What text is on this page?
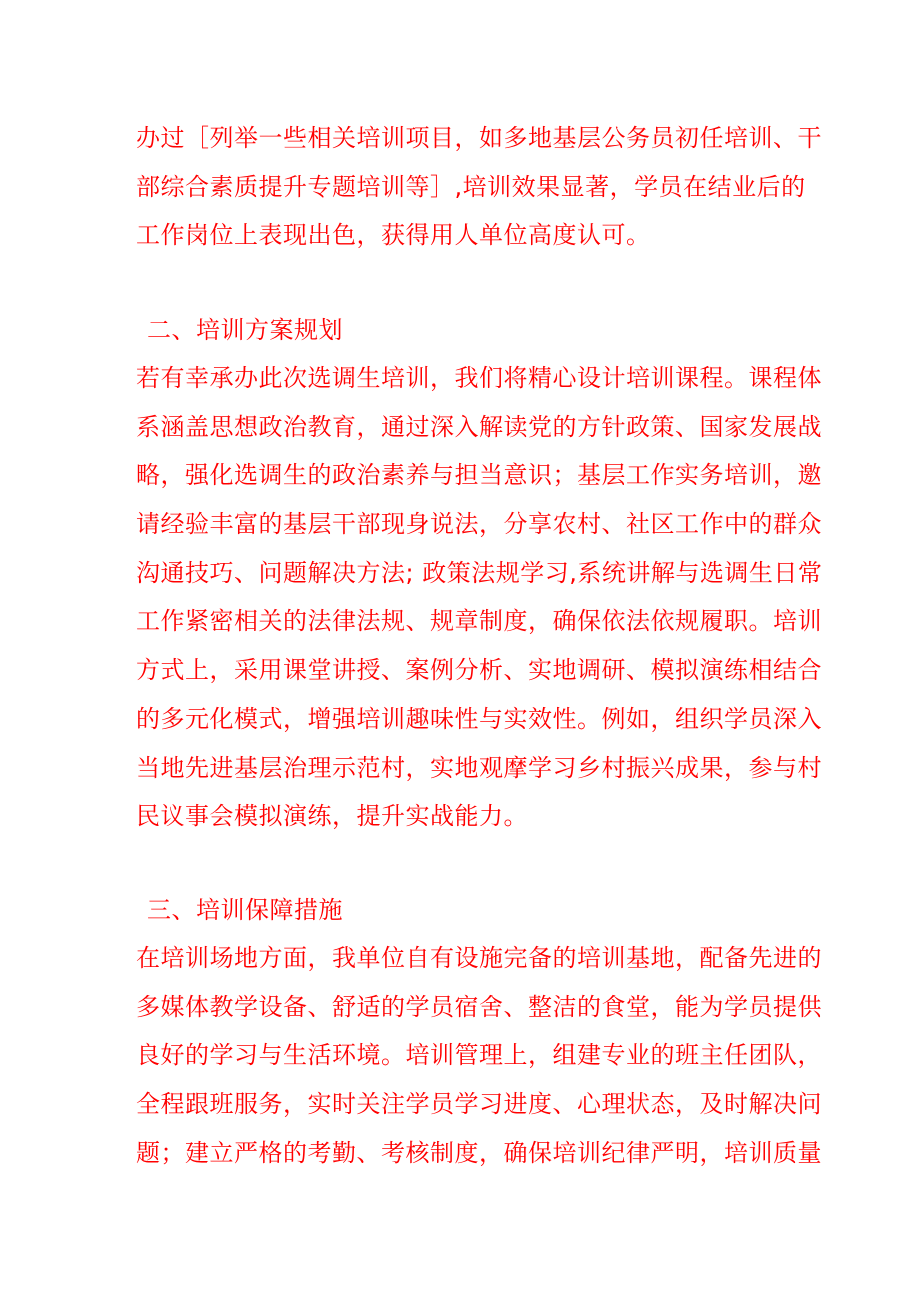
办过［列举一些相关培训项目，如多地基层公务员初任培训、干
部综合素质提升专题培训等］,培训效果显著，学员在结业后的
工作岗位上表现出色，获得用人单位高度认可。
二、培训方案规划
若有幸承办此次选调生培训，我们将精心设计培训课程。课程体
系涵盖思想政治教育，通过深入解读党的方针政策、国家发展战
略，强化选调生的政治素养与担当意识；基层工作实务培训，邀
请经验丰富的基层干部现身说法，分享农村、社区工作中的群众
沟通技巧、问题解决方法; 政策法规学习,系统讲解与选调生日常
工作紧密相关的法律法规、规章制度，确保依法依规履职。培训
方式上，采用课堂讲授、案例分析、实地调研、模拟演练相结合
的多元化模式，增强培训趣味性与实效性。例如，组织学员深入
当地先进基层治理示范村，实地观摩学习乡村振兴成果，参与村
民议事会模拟演练，提升实战能力。
三、培训保障措施
在培训场地方面，我单位自有设施完备的培训基地，配备先进的
多媒体教学设备、舒适的学员宿舍、整洁的食堂，能为学员提供
良好的学习与生活环境。培训管理上，组建专业的班主任团队，
全程跟班服务，实时关注学员学习进度、心理状态，及时解决问
题；建立严格的考勤、考核制度，确保培训纪律严明，培训质量
